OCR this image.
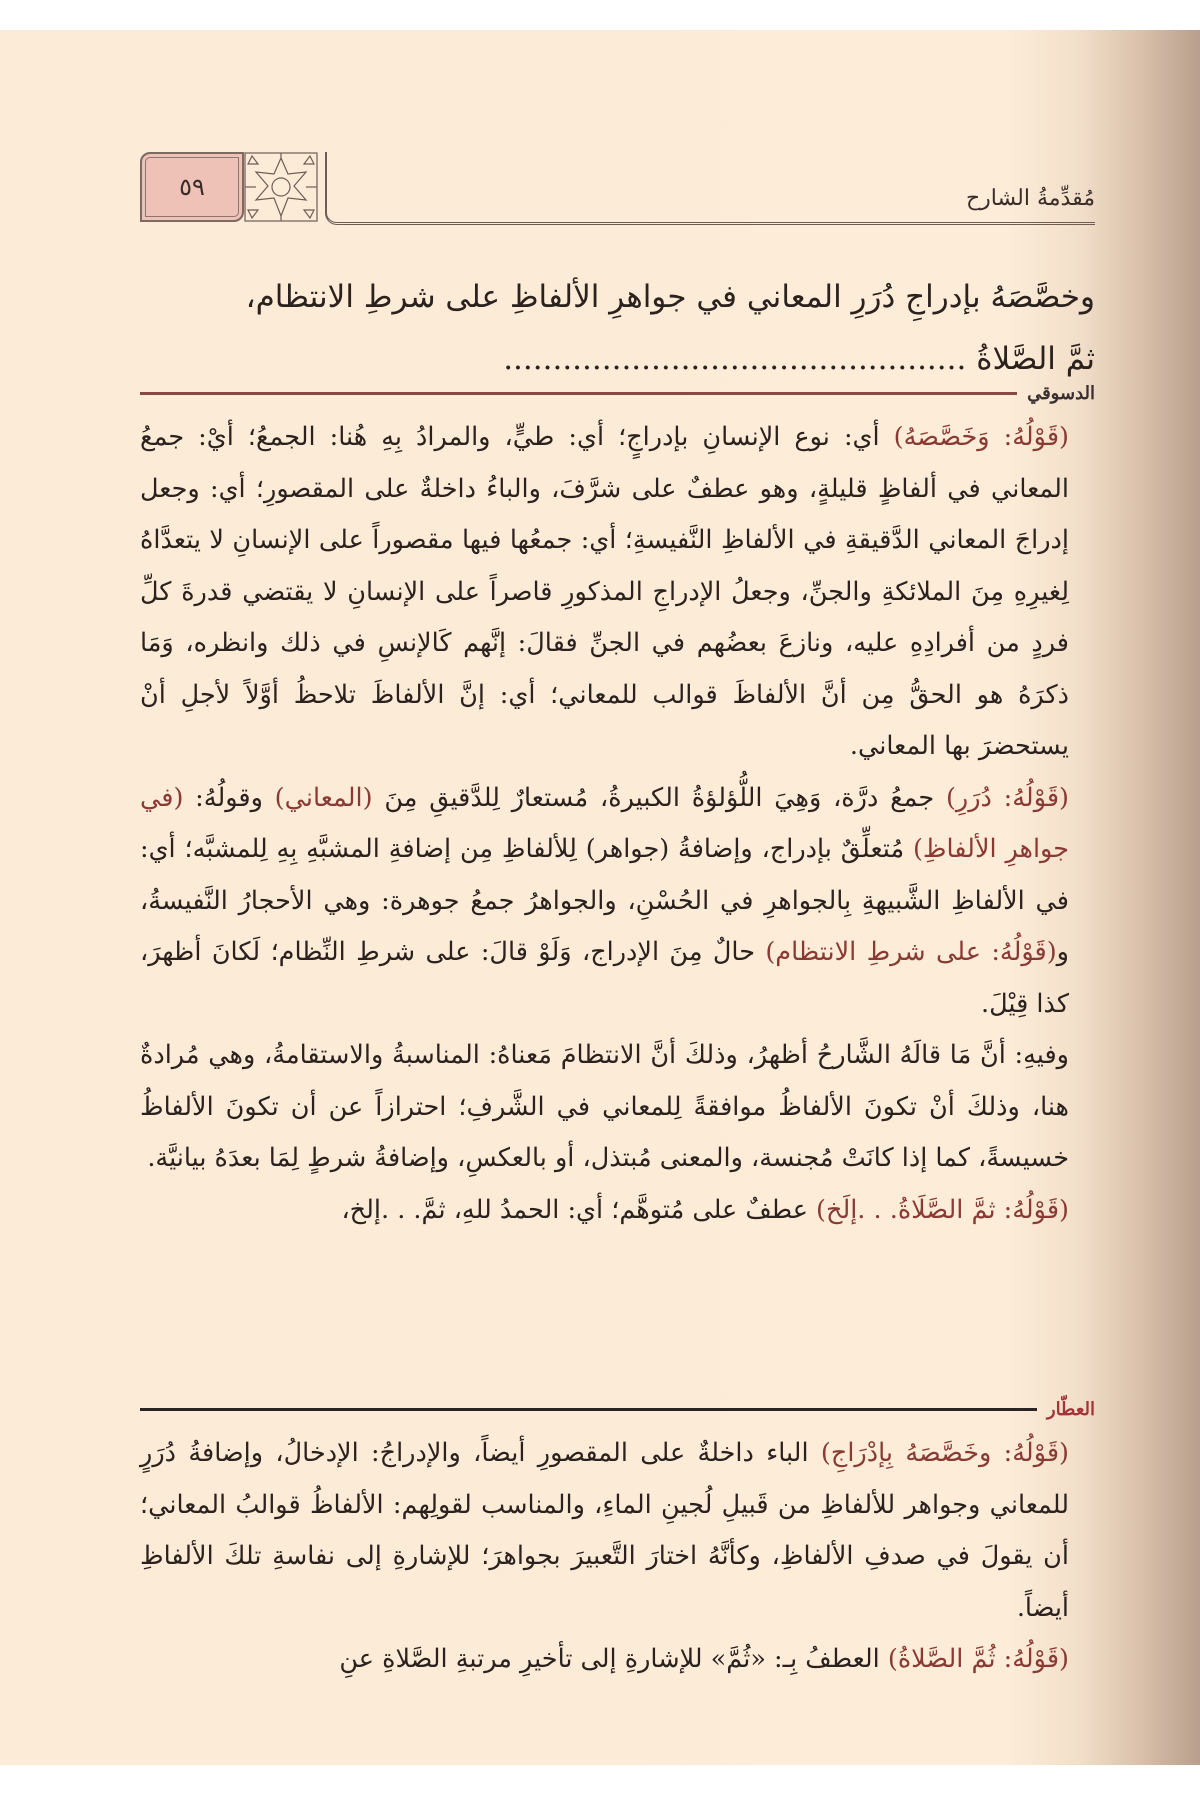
٥٩	مُقدِّمةُ الشارح
وخصَّصَهُ بإدراجِ دُرَرِ المعاني في جواهرِ الألفاظِ على شرطِ الانتظام،
ثمَّ الصَّلاةُ ...............................................
الدسوقي

(قَوْلُهُ: وَخَصَّصَهُ) أي: نوع الإنسانِ بإدراجٍ؛ أي: طيٍّ، والمرادُ بِهِ هُنا: الجمعُ؛ أيْ: جمعُ المعاني في ألفاظٍ قليلةٍ، وهو عطفٌ على شرَّفَ، والباءُ داخلةٌ على المقصورِ؛ أي: وجعل إدراجَ المعاني الدَّقيقةِ في الألفاظِ النَّفيسةِ؛ أي: جمعُها فيها مقصوراً على الإنسانِ لا يتعدَّاهُ لِغيرِهِ مِنَ الملائكةِ والجنِّ، وجعلُ الإدراجِ المذكورِ قاصراً على الإنسانِ لا يقتضي قدرةَ كلِّ فردٍ من أفرادِهِ عليه، ونازعَ بعضُهم في الجنِّ فقالَ: إنَّهم كَالإنسِ في ذلك وانظره، وَمَا ذكرَهُ هو الحقُّ مِن أنَّ الألفاظَ قوالب للمعاني؛ أي: إنَّ الألفاظَ تلاحظُ أوَّلاً لأجلِ أنْ يستحضرَ بها المعاني.

(قَوْلُهُ: دُرَرِ) جمعُ درَّة، وَهِيَ اللُّؤلؤةُ الكبيرةُ، مُستعارٌ لِلدَّقيقِ مِنَ (المعاني) وقولُهُ: (في جواهرِ الألفاظِ) مُتعلِّقٌ بإدراج، وإضافةُ (جواهر) لِلألفاظِ مِن إضافةِ المشبَّهِ بِهِ لِلمشبَّه؛ أي: في الألفاظِ الشَّبيهةِ بِالجواهرِ في الحُسْنِ، والجواهرُ جمعُ جوهرة: وهي الأحجارُ النَّفيسةُ، و(قَوْلُهُ: على شرطِ الانتظام) حالٌ مِنَ الإدراج، وَلَوْ قالَ: على شرطِ النِّظام؛ لَكانَ أظهرَ، كذا قِيْلَ.

وفيهِ: أنَّ مَا قالَهُ الشَّارحُ أظهرُ، وذلكَ أنَّ الانتظامَ مَعناهُ: المناسبةُ والاستقامةُ، وهي مُرادةٌ هنا، وذلكَ أنْ تكونَ الألفاظُ موافقةً لِلمعاني في الشَّرفِ؛ احترازاً عن أن تكونَ الألفاظُ خسيسةً، كما إذا كانَتْ مُجنسة، والمعنى مُبتذل، أو بالعكسِ، وإضافةُ شرطٍ لِمَا بعدَهُ بيانيَّة.

(قَوْلُهُ: ثمَّ الصَّلَاةُ. . .إلَخ) عطفٌ على مُتوهَّم؛ أي: الحمدُ للهِ، ثمَّ. . .إلخ،

العطّار

(قَوْلُهُ: وخَصَّصَهُ بِإدْرَاجِ) الباء داخلةٌ على المقصورِ أيضاً، والإدراجُ: الإدخالُ، وإضافةُ دُرَرٍ للمعاني وجواهر للألفاظِ من قَبيلِ لُجينِ الماءِ، والمناسب لقولِهم: الألفاظُ قوالبُ المعاني؛ أن يقولَ في صدفِ الألفاظِ، وكأنَّهُ اختارَ التَّعبيرَ بجواهرَ؛ للإشارةِ إلى نفاسةِ تلكَ الألفاظِ أيضاً.

(قَوْلُهُ: ثُمَّ الصَّلاةُ) العطفُ بِـ: «ثُمَّ» للإشارةِ إلى تأخيرِ مرتبةِ الصَّلاةِ عنِ
